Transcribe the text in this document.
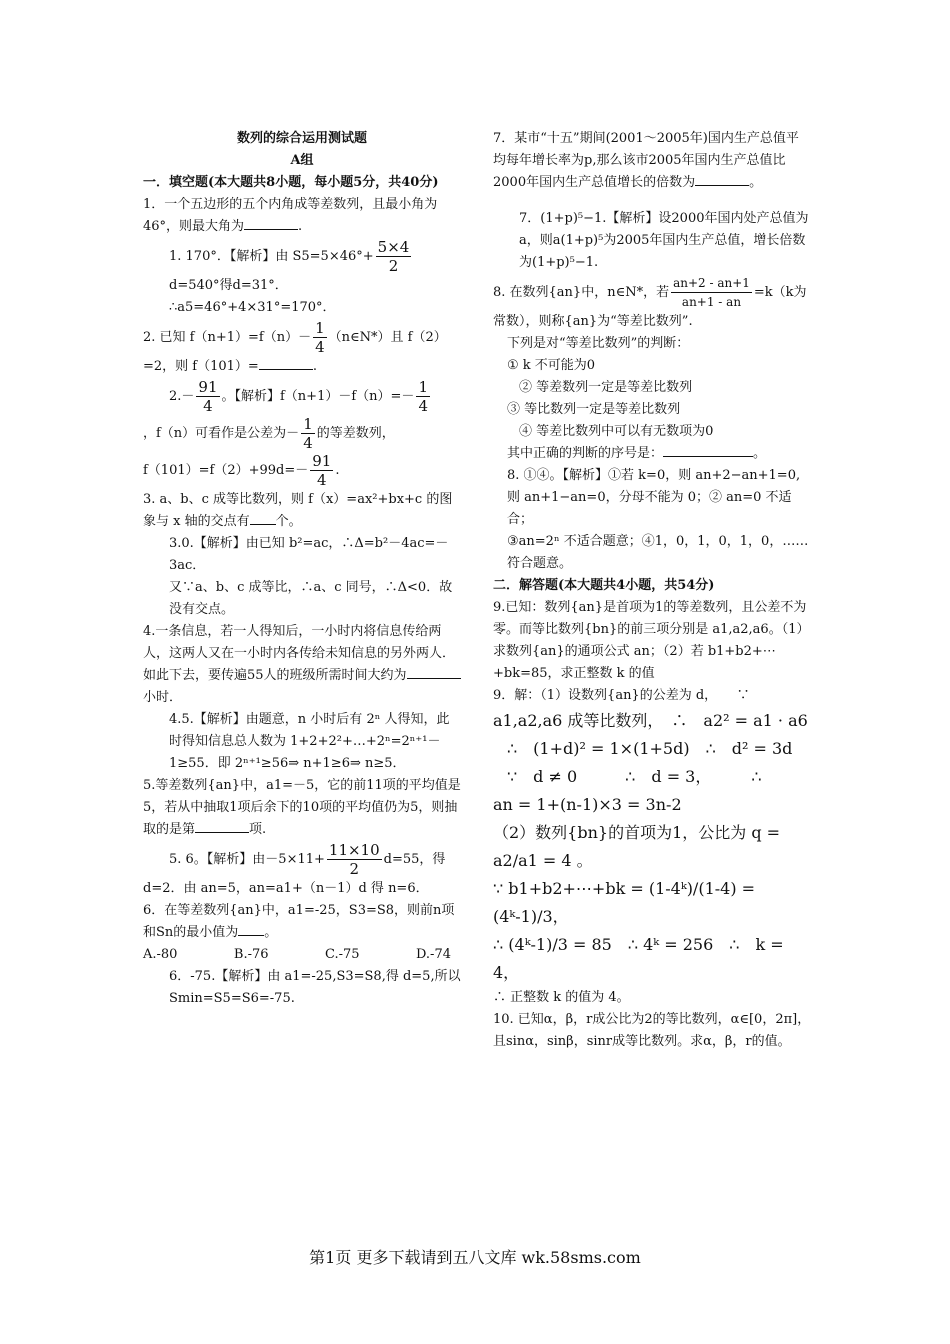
数列的综合运用测试题

A组

一．填空题(本大题共8小题，每小题5分，共40分)

1．一个五边形的五个内角成等差数列，且最小角为46°，则最大角为	.

1. 170°．【解析】由 $S5=5\times 46^\circ+ \frac{5\times 4}{2}$
d=540°得d=31°．

∴a5=46°+4×31°=170°．

2. 已知 $f(n+1)=f(n)- \frac{1}{4}$ （n∈N*）且 f（2）=2，则 f（101）=	.

$2.- \frac{91}{4}$ 。【解析】$f(n+1)-f(n)=- \frac{1}{4}$

，f（n）可看作是公差为－ $\frac{1}{4}$ 的等差数列，

$f(101)=f(2)+99d=- \frac{91}{4}$ .

3. a、b、c 成等比数列，则 f（x）=ax²+bx+c 的图象与 x 轴的交点有 个。

3.0.【解析】由已知 b²=ac，∴Δ=b²－4ac=－3ac．

又∵a、b、c 成等比，∴a、c 同号，∴Δ<0．故没有交点。

4.一条信息，若一人得知后，一小时内将信息传给两人，这两人又在一小时内各传给未知信息的另外两人．如此下去，要传遍55人的班级所需时间大约为小时．

4.5.【解析】由题意，n 小时后有 2ⁿ 人得知，此时得知信息总人数为 1+2+2²+…+2ⁿ=2ⁿ⁺¹－1≥55．即 2ⁿ⁺¹≥56⇒ n+1≥6⇒ n≥5．

5.等差数列{an}中，a1=－5，它的前11项的平均值是5，若从中抽取1项后余下的10项的平均值仍为5，则抽取的是第	项.

5. 6。【解析】由$-5\times 11+ \frac{11\times 10}{2} d=55$，得

d=2．由 an=5，an=a1+（n－1）d 得 n=6．

6．在等差数列{an}中，a1=-25，S3=S8，则前n项和Sn的最小值为 。

A.-80	B.-76	C.-75	D.-74

6．-75.【解析】由 a1=-25,S3=S8,得 d=5,所以 Smin=S5=S6=-75.

7．某市“十五”期间(2001～2005年)国内生产总值平均每年增长率为p,那么该市2005年国内生产总值比2000年国内生产总值增长的倍数为	。

7．(1+p)⁵−1.【解析】设2000年国内处产总值为a，则a(1+p)⁵为2005年国内生产总值，增长倍数为(1+p)⁵−1.

8. 在数列{an}中，n∈N*，若 $\frac{an+2 - an+1}{an+1 - an} =k(k$为常数），则称{an}为“等差比数列”.

下列是对“等差比数列”的判断：

① k 不可能为0

② 等差数列一定是等差比数列

③ 等比数列一定是等差比数列

④ 等差比数列中可以有无数项为0

其中正确的判断的序号是：	。

8. ①④。【解析】①若 k=0，则 an+2−an+1=0, 则 an+1−an=0，分母不能为 0；② an=0 不适合；

③an=2ⁿ 不适合题意；④1，0，1，0，1，0，……符合题意。

二．解答题(本大题共4小题，共54分)

9.已知：数列{an}是首项为1的等差数列，且公差不为零。而等比数列{bn}的前三项分别是 a1,a2,a6。（1）求数列{an}的通项公式 an；（2）若 b1+b2+⋯+bk=85，求正整数 k 的值

9．解：（1）设数列{an}的公差为 d，　　∵

a1,a2,a6 成等比数列，　∴　a2² = a1 · a6

∴　(1+d)² = 1×(1+5d)　∴　d² = 3d

∵　d ≠ 0　　　∴　d = 3，　　　∴

an = 1+(n-1)×3 = 3n-2

（2）数列{bn}的首项为1，公比为 q = a2/a1 = 4 。

∵ b1+b2+⋯+bk = (1-4ᵏ)/(1-4) = (4ᵏ-1)/3，

∴ (4ᵏ-1)/3 = 85　∴ 4ᵏ = 256　∴　k = 4，

∴ 正整数 k 的值为 4。

10. 已知α，β，r成公比为2的等比数列，α∈[0，2π]，且sinα，sinβ，sinr成等比数列。求α，β，r的值。

第1页 更多下载请到五八文库 wk.58sms.com
